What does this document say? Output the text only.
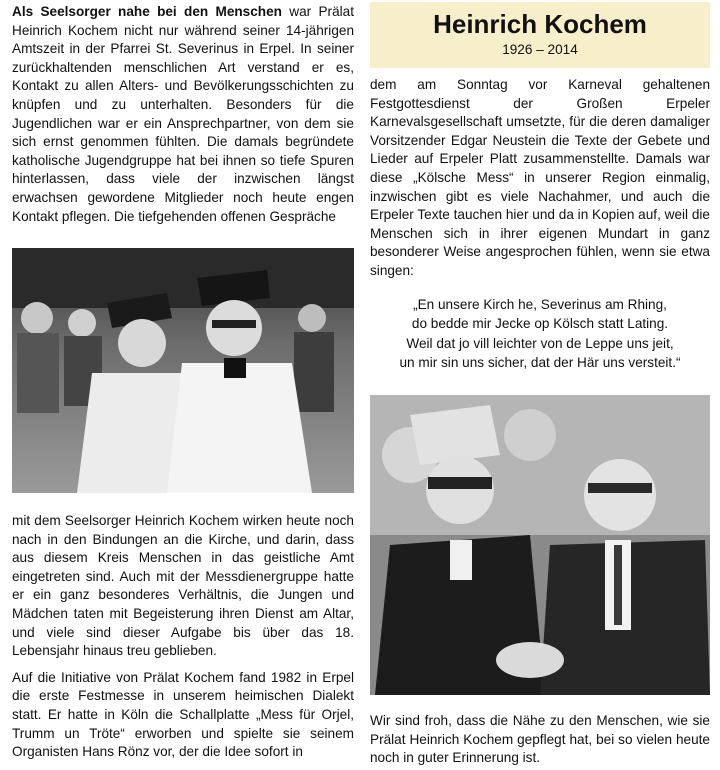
Als Seelsorger nahe bei den Menschen war Prälat Heinrich Kochem nicht nur während seiner 14-jährigen Amtszeit in der Pfarrei St. Severinus in Erpel. In seiner zurückhaltenden menschlichen Art verstand er es, Kontakt zu allen Alters- und Bevölkerungsschichten zu knüpfen und zu unterhalten. Besonders für die Jugendlichen war er ein Ansprechpartner, von dem sie sich ernst genommen fühlten. Die damals begründete katholische Jugendgruppe hat bei ihnen so tiefe Spuren hinterlassen, dass viele der inzwischen längst erwachsen gewordene Mitglieder noch heute engen Kontakt pflegen. Die tiefgehenden offenen Gespräche

mit dem Seelsorger Heinrich Kochem wirken heute noch nach in den Bindungen an die Kirche, und darin, dass aus diesem Kreis Menschen in das geistliche Amt eingetreten sind. Auch mit der Messdienergruppe hatte er ein ganz besonderes Verhältnis, die Jungen und Mädchen taten mit Begeisterung ihren Dienst am Altar, und viele sind dieser Aufgabe bis über das 18. Lebensjahr hinaus treu geblieben.

Auf die Initiative von Prälat Kochem fand 1982 in Erpel die erste Festmesse in unserem heimischen Dialekt statt. Er hatte in Köln die Schallplatte „Mess für Orjel, Trumm un Tröte“ erworben und spielte sie seinem Organisten Hans Rönz vor, der die Idee sofort in

Heinrich Kochem
1926 – 2014

dem am Sonntag vor Karneval gehaltenen Festgottesdienst der Großen Erpeler Karnevalsgesellschaft umsetzte, für die deren damaliger Vorsitzender Edgar Neustein die Texte der Gebete und Lieder auf Erpeler Platt zusammenstellte. Damals war diese „Kölsche Mess“ in unserer Region einmalig, inzwischen gibt es viele Nachahmer, und auch die Erpeler Texte tauchen hier und da in Kopien auf, weil die Menschen sich in ihrer eigenen Mundart in ganz besonderer Weise angesprochen fühlen, wenn sie etwa singen:

„En unsere Kirch he, Severinus am Rhing,

do bedde mir Jecke op Kölsch statt Lating.

Weil dat jo vill leichter von de Leppe uns jeit,

un mir sin uns sicher, dat der Här uns versteit.“

Wir sind froh, dass die Nähe zu den Menschen, wie sie Prälat Heinrich Kochem gepflegt hat, bei so vielen heute noch in guter Erinnerung ist.
